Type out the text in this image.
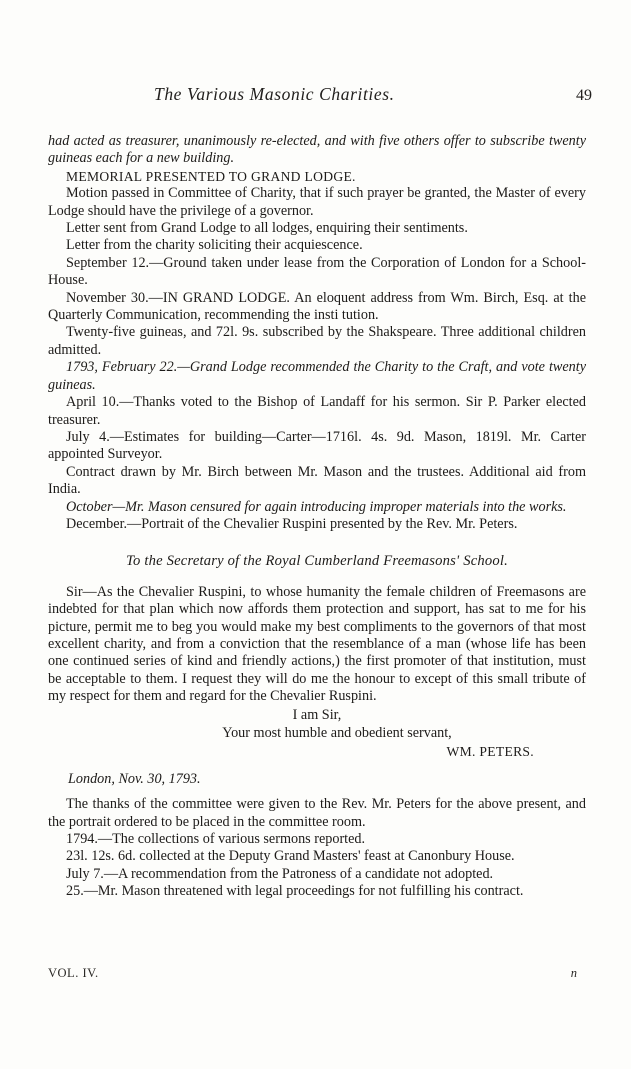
The Various Masonic Charities.	49

had acted as treasurer, unanimously re-elected, and with five others offer to subscribe twenty guineas each for a new building.

MEMORIAL PRESENTED TO GRAND LODGE.

Motion passed in Committee of Charity, that if such prayer be granted, the Master of every Lodge should have the privilege of a governor.

Letter sent from Grand Lodge to all lodges, enquiring their sentiments.

Letter from the charity soliciting their acquiescence.

September 12.—Ground taken under lease from the Corporation of London for a School-House.

November 30.—IN GRAND LODGE. An eloquent address from Wm. Birch, Esq. at the Quarterly Communication, recommending the insti tution.

Twenty-five guineas, and 72l. 9s. subscribed by the Shakspeare. Three additional children admitted.

1793, February 22.—Grand Lodge recommended the Charity to the Craft, and vote twenty guineas.

April 10.—Thanks voted to the Bishop of Landaff for his sermon. Sir P. Parker elected treasurer.

July 4.—Estimates for building—Carter—1716l. 4s. 9d. Mason, 1819l. Mr. Carter appointed Surveyor.

Contract drawn by Mr. Birch between Mr. Mason and the trustees. Additional aid from India.

October—Mr. Mason censured for again introducing improper materials into the works.

December.—Portrait of the Chevalier Ruspini presented by the Rev. Mr. Peters.

To the Secretary of the Royal Cumberland Freemasons' School.

Sir—As the Chevalier Ruspini, to whose humanity the female children of Freemasons are indebted for that plan which now affords them protection and support, has sat to me for his picture, permit me to beg you would make my best compliments to the governors of that most excellent charity, and from a conviction that the resemblance of a man (whose life has been one continued series of kind and friendly actions,) the first promoter of that institution, must be acceptable to them. I request they will do me the honour to except of this small tribute of my respect for them and regard for the Chevalier Ruspini.

I am Sir,

Your most humble and obedient servant,

WM. PETERS.

London, Nov. 30, 1793.

The thanks of the committee were given to the Rev. Mr. Peters for the above present, and the portrait ordered to be placed in the committee room.

1794.—The collections of various sermons reported.

23l. 12s. 6d. collected at the Deputy Grand Masters' feast at Canonbury House.

July 7.—A recommendation from the Patroness of a candidate not adopted.

25.—Mr. Mason threatened with legal proceedings for not fulfilling his contract.

VOL. IV.	n
